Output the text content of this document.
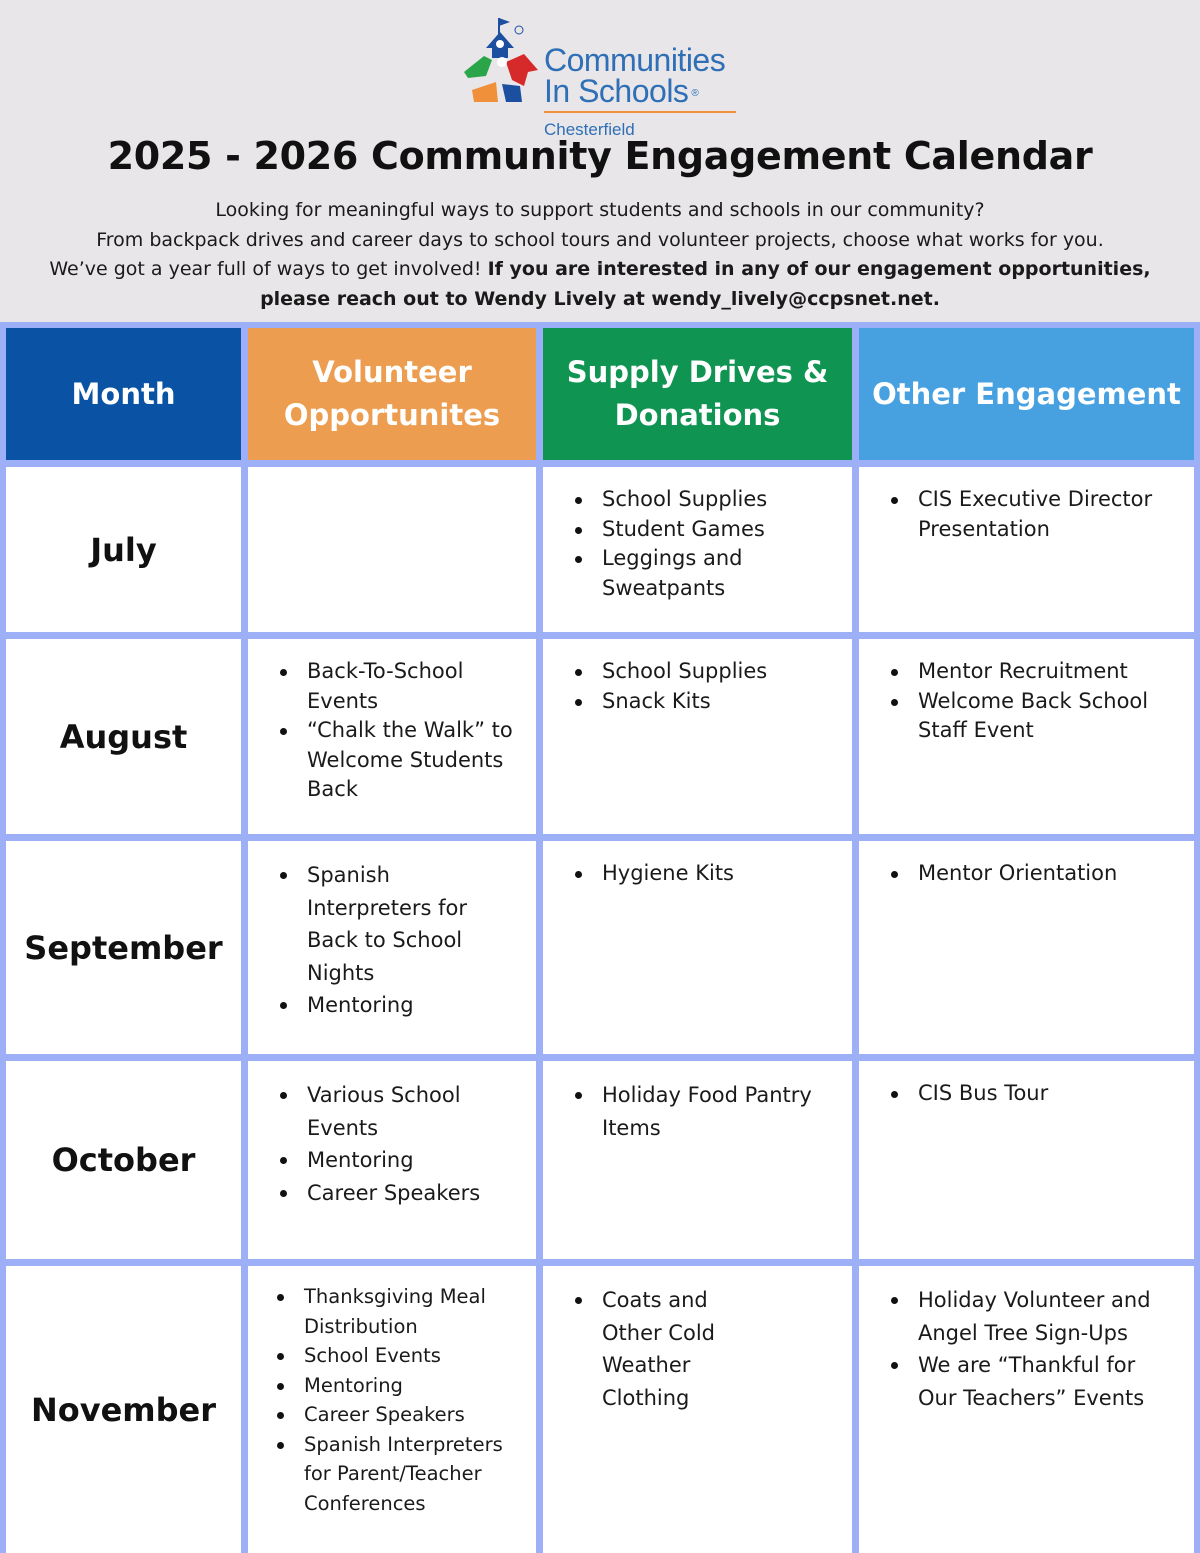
Communities
In Schools ®
Chesterfield
2025 - 2026 Community Engagement Calendar
Looking for meaningful ways to support students and schools in our community?
From backpack drives and career days to school tours and volunteer projects, choose what works for you.
We’ve got a year full of ways to get involved! If you are interested in any of our engagement opportunities,
please reach out to Wendy Lively at wendy_lively@ccpsnet.net.
Month
Volunteer
Opportunites
Supply Drives &
Donations
Other Engagement
July
School Supplies
Student Games
Leggings and Sweatpants
CIS Executive Director Presentation
August
Back-To-School Events
“Chalk the Walk” to Welcome Students Back
School Supplies
Snack Kits
Mentor Recruitment
Welcome Back School Staff Event
September
Spanish Interpreters for Back to School Nights
Mentoring
Hygiene Kits	Mentor Orientation
October
Various School Events
Mentoring
Career Speakers
Holiday Food Pantry Items
CIS Bus Tour
November
Thanksgiving Meal Distribution
School Events
Mentoring
Career Speakers
Spanish Interpreters for Parent/Teacher Conferences
Coats and Other Cold Weather Clothing
Holiday Volunteer and Angel Tree Sign-Ups
We are “Thankful for Our Teachers” Events
